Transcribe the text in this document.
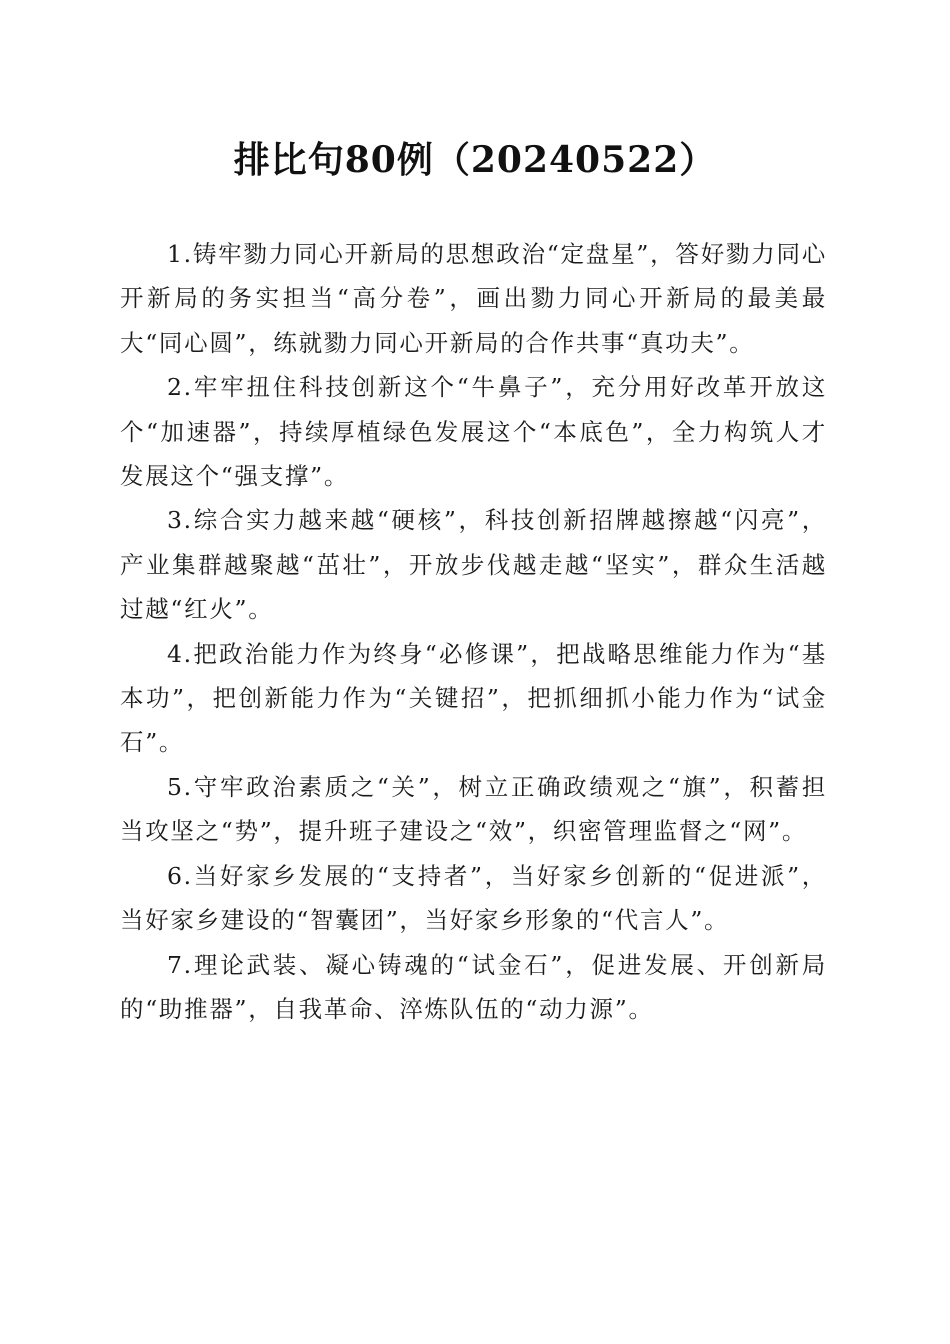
排比句80例（20240522）

1.铸牢勠力同心开新局的思想政治“定盘星”，答好勠力同心开新局的务实担当“高分卷”，画出勠力同心开新局的最美最大“同心圆”，练就勠力同心开新局的合作共事“真功夫”。

2.牢牢扭住科技创新这个“牛鼻子”，充分用好改革开放这个“加速器”，持续厚植绿色发展这个“本底色”，全力构筑人才发展这个“强支撑”。

3.综合实力越来越“硬核”，科技创新招牌越擦越“闪亮”，产业集群越聚越“茁壮”，开放步伐越走越“坚实”，群众生活越过越“红火”。

4.把政治能力作为终身“必修课”，把战略思维能力作为“基本功”，把创新能力作为“关键招”，把抓细抓小能力作为“试金石”。

5.守牢政治素质之“关”，树立正确政绩观之“旗”，积蓄担当攻坚之“势”，提升班子建设之“效”，织密管理监督之“网”。

6.当好家乡发展的“支持者”，当好家乡创新的“促进派”，当好家乡建设的“智囊团”，当好家乡形象的“代言人”。

7.理论武装、凝心铸魂的“试金石”，促进发展、开创新局的“助推器”，自我革命、淬炼队伍的“动力源”。
